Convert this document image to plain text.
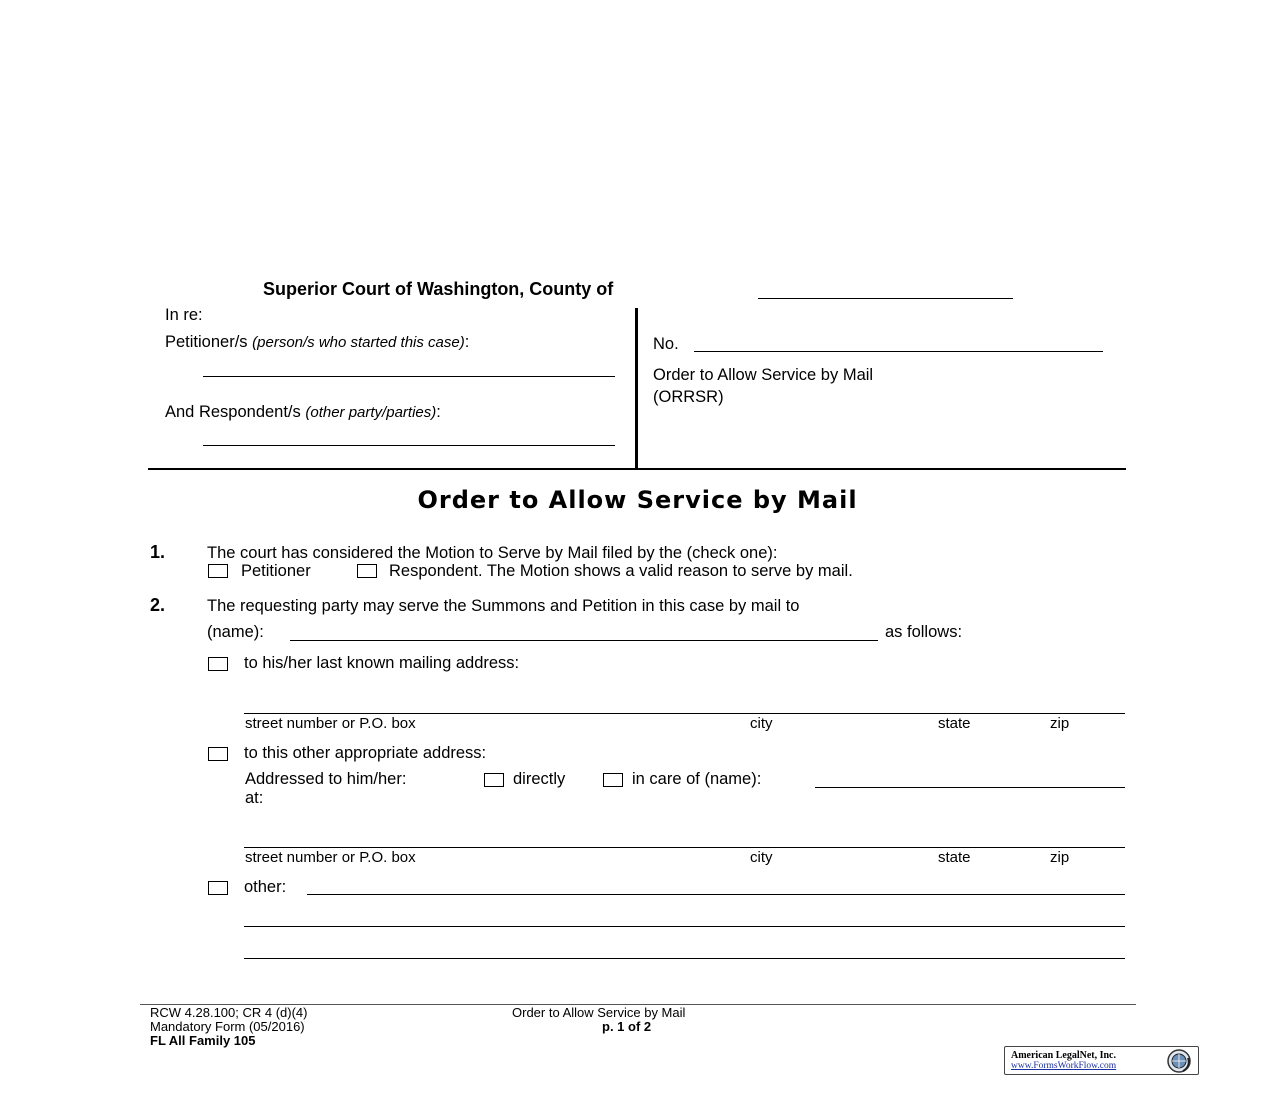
Superior Court of Washington, County of
In re:
Petitioner/s (person/s who started this case):
And Respondent/s (other party/parties):
No.
Order to Allow Service by Mail
(ORRSR)
Order to Allow Service by Mail
1.	The court has considered the Motion to Serve by Mail filed by the (check one):
Petitioner	Respondent. The Motion shows a valid reason to serve by mail.
2.	The requesting party may serve the Summons and Petition in this case by mail to
(name):	as follows:
to his/her last known mailing address:
street number or P.O. box	city	state	zip
to this other appropriate address:
Addressed to him/her:	directly	in care of (name):
at:
street number or P.O. box	city	state	zip
other:
RCW 4.28.100; CR 4 (d)(4)
Mandatory Form (05/2016)
FL All Family 105
Order to Allow Service by Mail
p. 1 of 2
American LegalNet, Inc.
www.FormsWorkFlow.com
